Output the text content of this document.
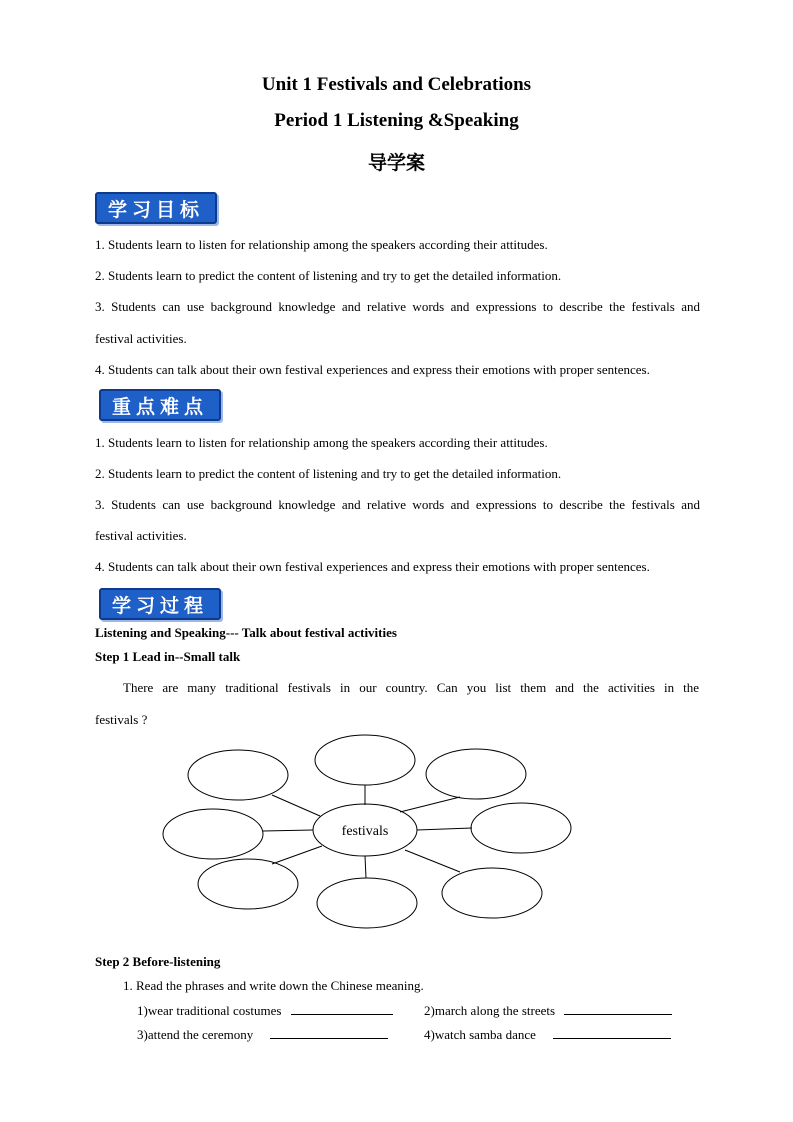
Unit 1 Festivals and Celebrations
Period 1 Listening &Speaking
导学案
学习目标
1. Students learn to listen for relationship among the speakers according their attitudes.
2. Students learn to predict the content of listening and try to get the detailed information.
3. Students can use background knowledge and relative words and expressions to describe the festivals and
festival activities.
4. Students can talk about their own festival experiences and express their emotions with proper sentences.
重点难点
1. Students learn to listen for relationship among the speakers according their attitudes.
2. Students learn to predict the content of listening and try to get the detailed information.
3. Students can use background knowledge and relative words and expressions to describe the festivals and
festival activities.
4. Students can talk about their own festival experiences and express their emotions with proper sentences.
学习过程
Listening and Speaking--- Talk about festival activities
Step 1 Lead in--Small talk
There are many traditional festivals in our country. Can you list them and the activities in the
festivals ?
festivals
Step 2 Before-listening
1. Read the phrases and write down the Chinese meaning.
1)wear traditional costumes	2)march along the streets
3)attend the ceremony	4)watch samba dance
